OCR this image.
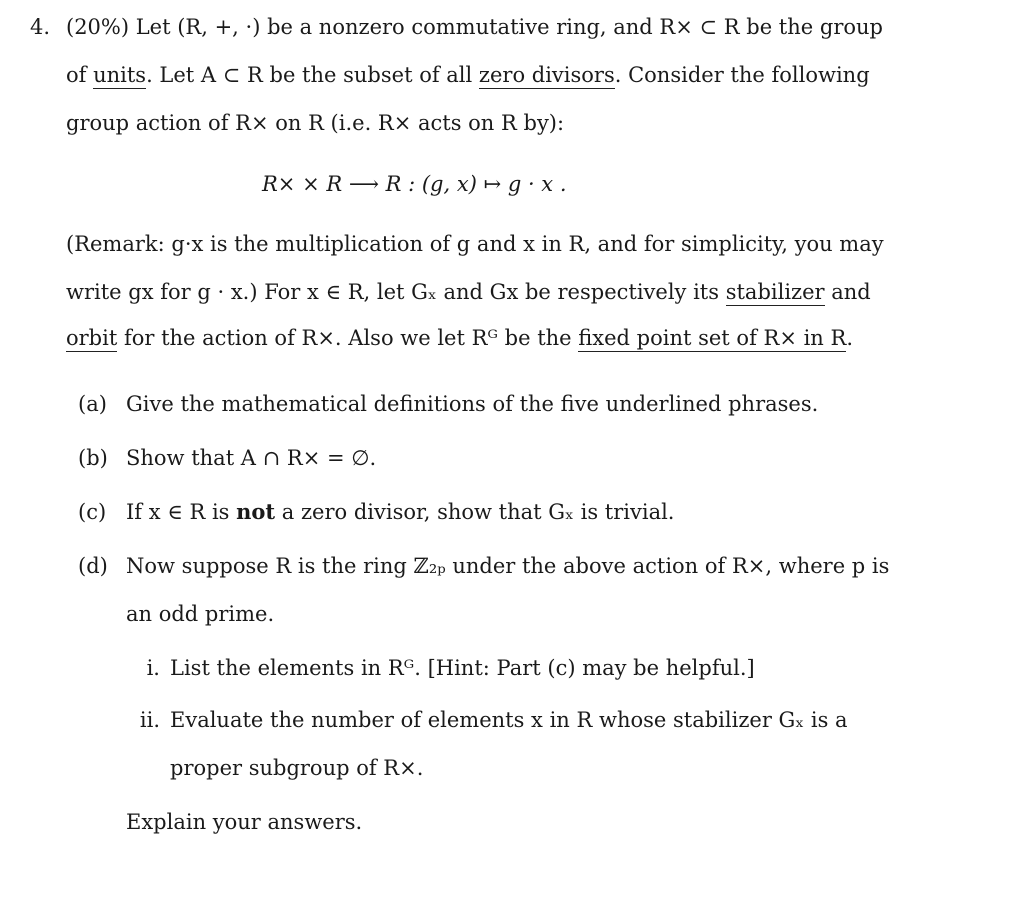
4. (20%) Let (R, +, ·) be a nonzero commutative ring, and R× ⊂ R be the group
of units. Let A ⊂ R be the subset of all zero divisors. Consider the following
group action of R× on R (i.e. R× acts on R by):
R× × R ⟶ R : (g, x) ↦ g · x .
(Remark: g·x is the multiplication of g and x in R, and for simplicity, you may
write gx for g · x.) For x ∈ R, let Gₓ and Gx be respectively its stabilizer and
orbit for the action of R×. Also we let Rᴳ be the fixed point set of R× in R.
(a) Give the mathematical definitions of the five underlined phrases.
(b) Show that A ∩ R× = ∅.
(c) If x ∈ R is not a zero divisor, show that Gₓ is trivial.
(d) Now suppose R is the ring ℤ₂ₚ under the above action of R×, where p is
an odd prime.
i. List the elements in Rᴳ. [Hint: Part (c) may be helpful.]
ii. Evaluate the number of elements x in R whose stabilizer Gₓ is a
proper subgroup of R×.
Explain your answers.
